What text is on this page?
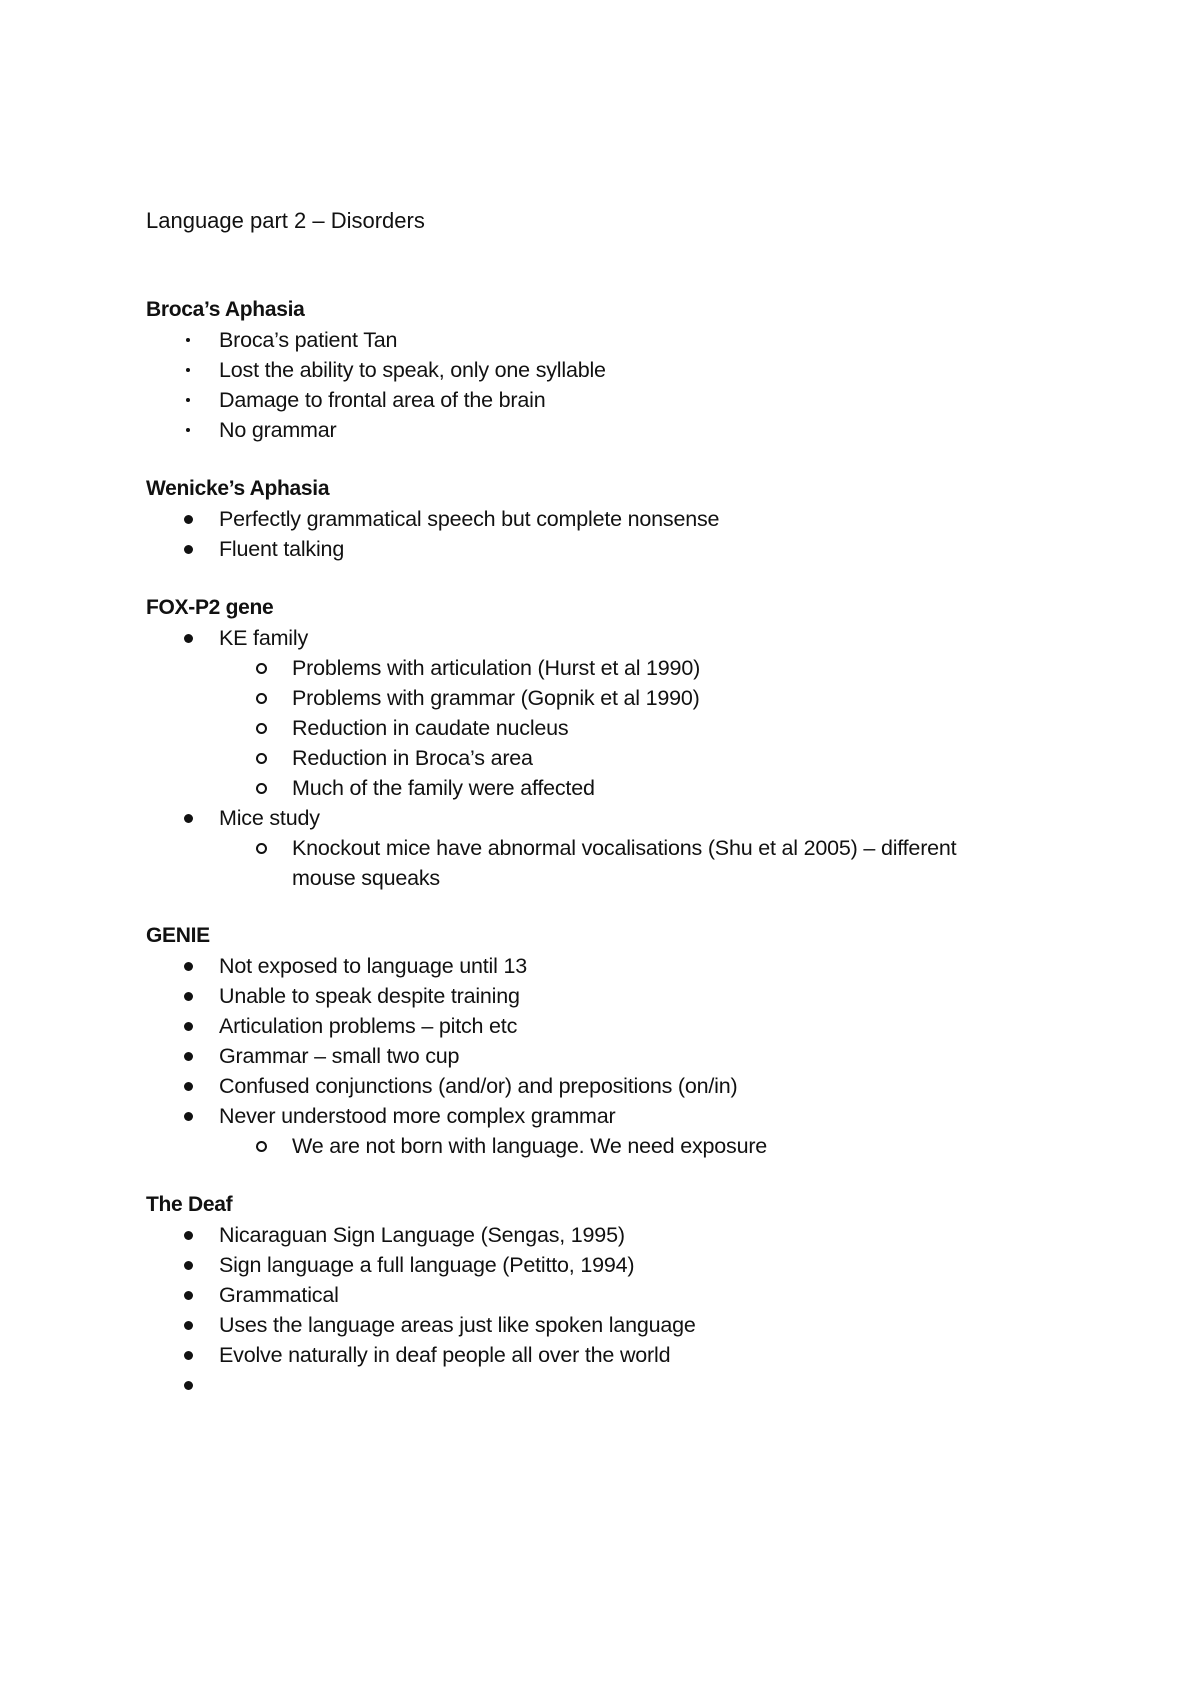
Language part 2 – Disorders
Broca’s Aphasia
Broca’s patient Tan
Lost the ability to speak, only one syllable
Damage to frontal area of the brain
No grammar
Wenicke’s Aphasia
Perfectly grammatical speech but complete nonsense
Fluent talking
FOX-P2 gene
KE family
Problems with articulation (Hurst et al 1990)
Problems with grammar (Gopnik et al 1990)
Reduction in caudate nucleus
Reduction in Broca’s area
Much of the family were affected
Mice study
Knockout mice have abnormal vocalisations (Shu et al 2005) – different mouse squeaks
GENIE
Not exposed to language until 13
Unable to speak despite training
Articulation problems – pitch etc
Grammar – small two cup
Confused conjunctions (and/or) and prepositions (on/in)
Never understood more complex grammar
We are not born with language. We need exposure
The Deaf
Nicaraguan Sign Language (Sengas, 1995)
Sign language a full language (Petitto, 1994)
Grammatical
Uses the language areas just like spoken language
Evolve naturally in deaf people all over the world
